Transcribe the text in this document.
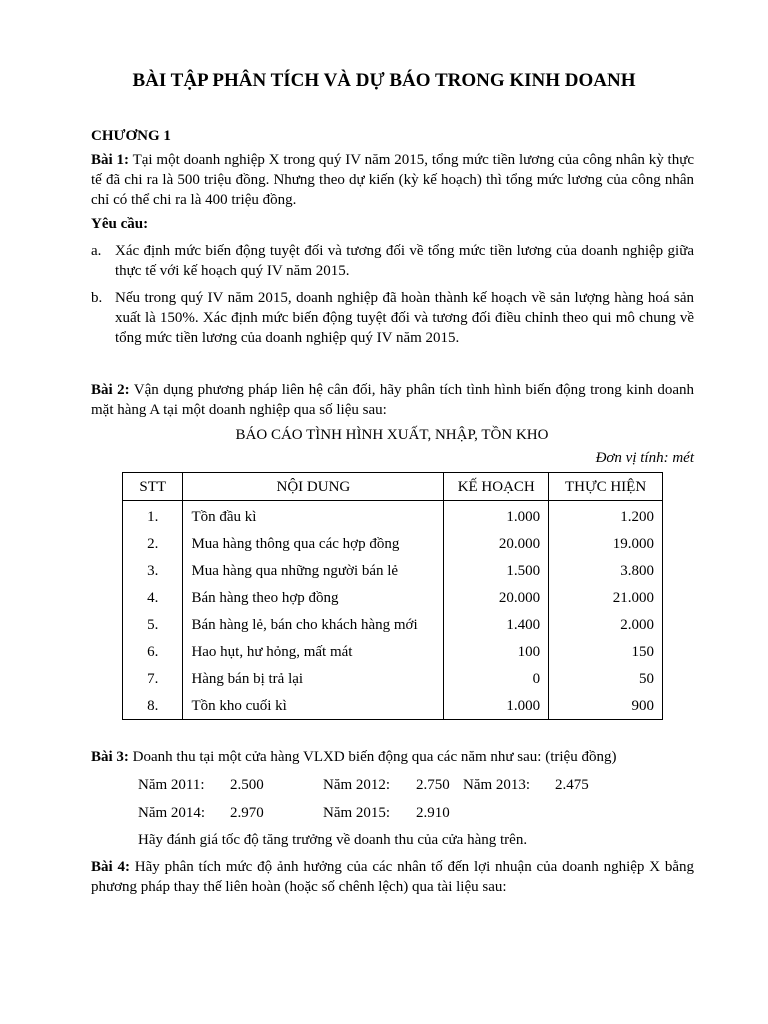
BÀI TẬP PHÂN TÍCH VÀ DỰ BÁO TRONG KINH DOANH
CHƯƠNG 1
Bài 1: Tại một doanh nghiệp X trong quý IV năm 2015, tổng mức tiền lương của công nhân kỳ thực tế đã chi ra là 500 triệu đồng. Nhưng theo dự kiến (kỳ kế hoạch) thì tổng mức lương của công nhân chỉ có thể chi ra là 400 triệu đồng.
Yêu cầu:
a. Xác định mức biến động tuyệt đối và tương đối về tổng mức tiền lương của doanh nghiệp giữa thực tế với kế hoạch quý IV năm 2015.
b. Nếu trong quý IV năm 2015, doanh nghiệp đã hoàn thành kế hoạch về sản lượng hàng hoá sản xuất là 150%. Xác định mức biến động tuyệt đối và tương đối điều chỉnh theo qui mô chung về tổng mức tiền lương của doanh nghiệp quý IV năm 2015.
Bài 2: Vận dụng phương pháp liên hệ cân đối, hãy phân tích tình hình biến động trong kinh doanh mặt hàng A tại một doanh nghiệp qua số liệu sau:
BÁO CÁO TÌNH HÌNH XUẤT, NHẬP, TỒN KHO
Đơn vị tính: mét
STT	NỘI DUNG	KẾ HOẠCH	THỰC HIỆN
1.	Tồn đầu kì	1.000	1.200
2.	Mua hàng thông qua các hợp đồng	20.000	19.000
3.	Mua hàng qua những người bán lẻ	1.500	3.800
4.	Bán hàng theo hợp đồng	20.000	21.000
5.	Bán hàng lẻ, bán cho khách hàng mới	1.400	2.000
6.	Hao hụt, hư hỏng, mất mát	100	150
7.	Hàng bán bị trả lại	0	50
8.	Tồn kho cuối kì	1.000	900
Bài 3: Doanh thu tại một cửa hàng VLXD biến động qua các năm như sau: (triệu đồng)
Năm 2011: 2.500	Năm 2012: 2.750 Năm 2013: 2.475
Năm 2014: 2.970	Năm 2015: 2.910
Hãy đánh giá tốc độ tăng trưởng về doanh thu của cửa hàng trên.
Bài 4: Hãy phân tích mức độ ảnh hưởng của các nhân tố đến lợi nhuận của doanh nghiệp X bằng phương pháp thay thế liên hoàn (hoặc số chênh lệch) qua tài liệu sau:
